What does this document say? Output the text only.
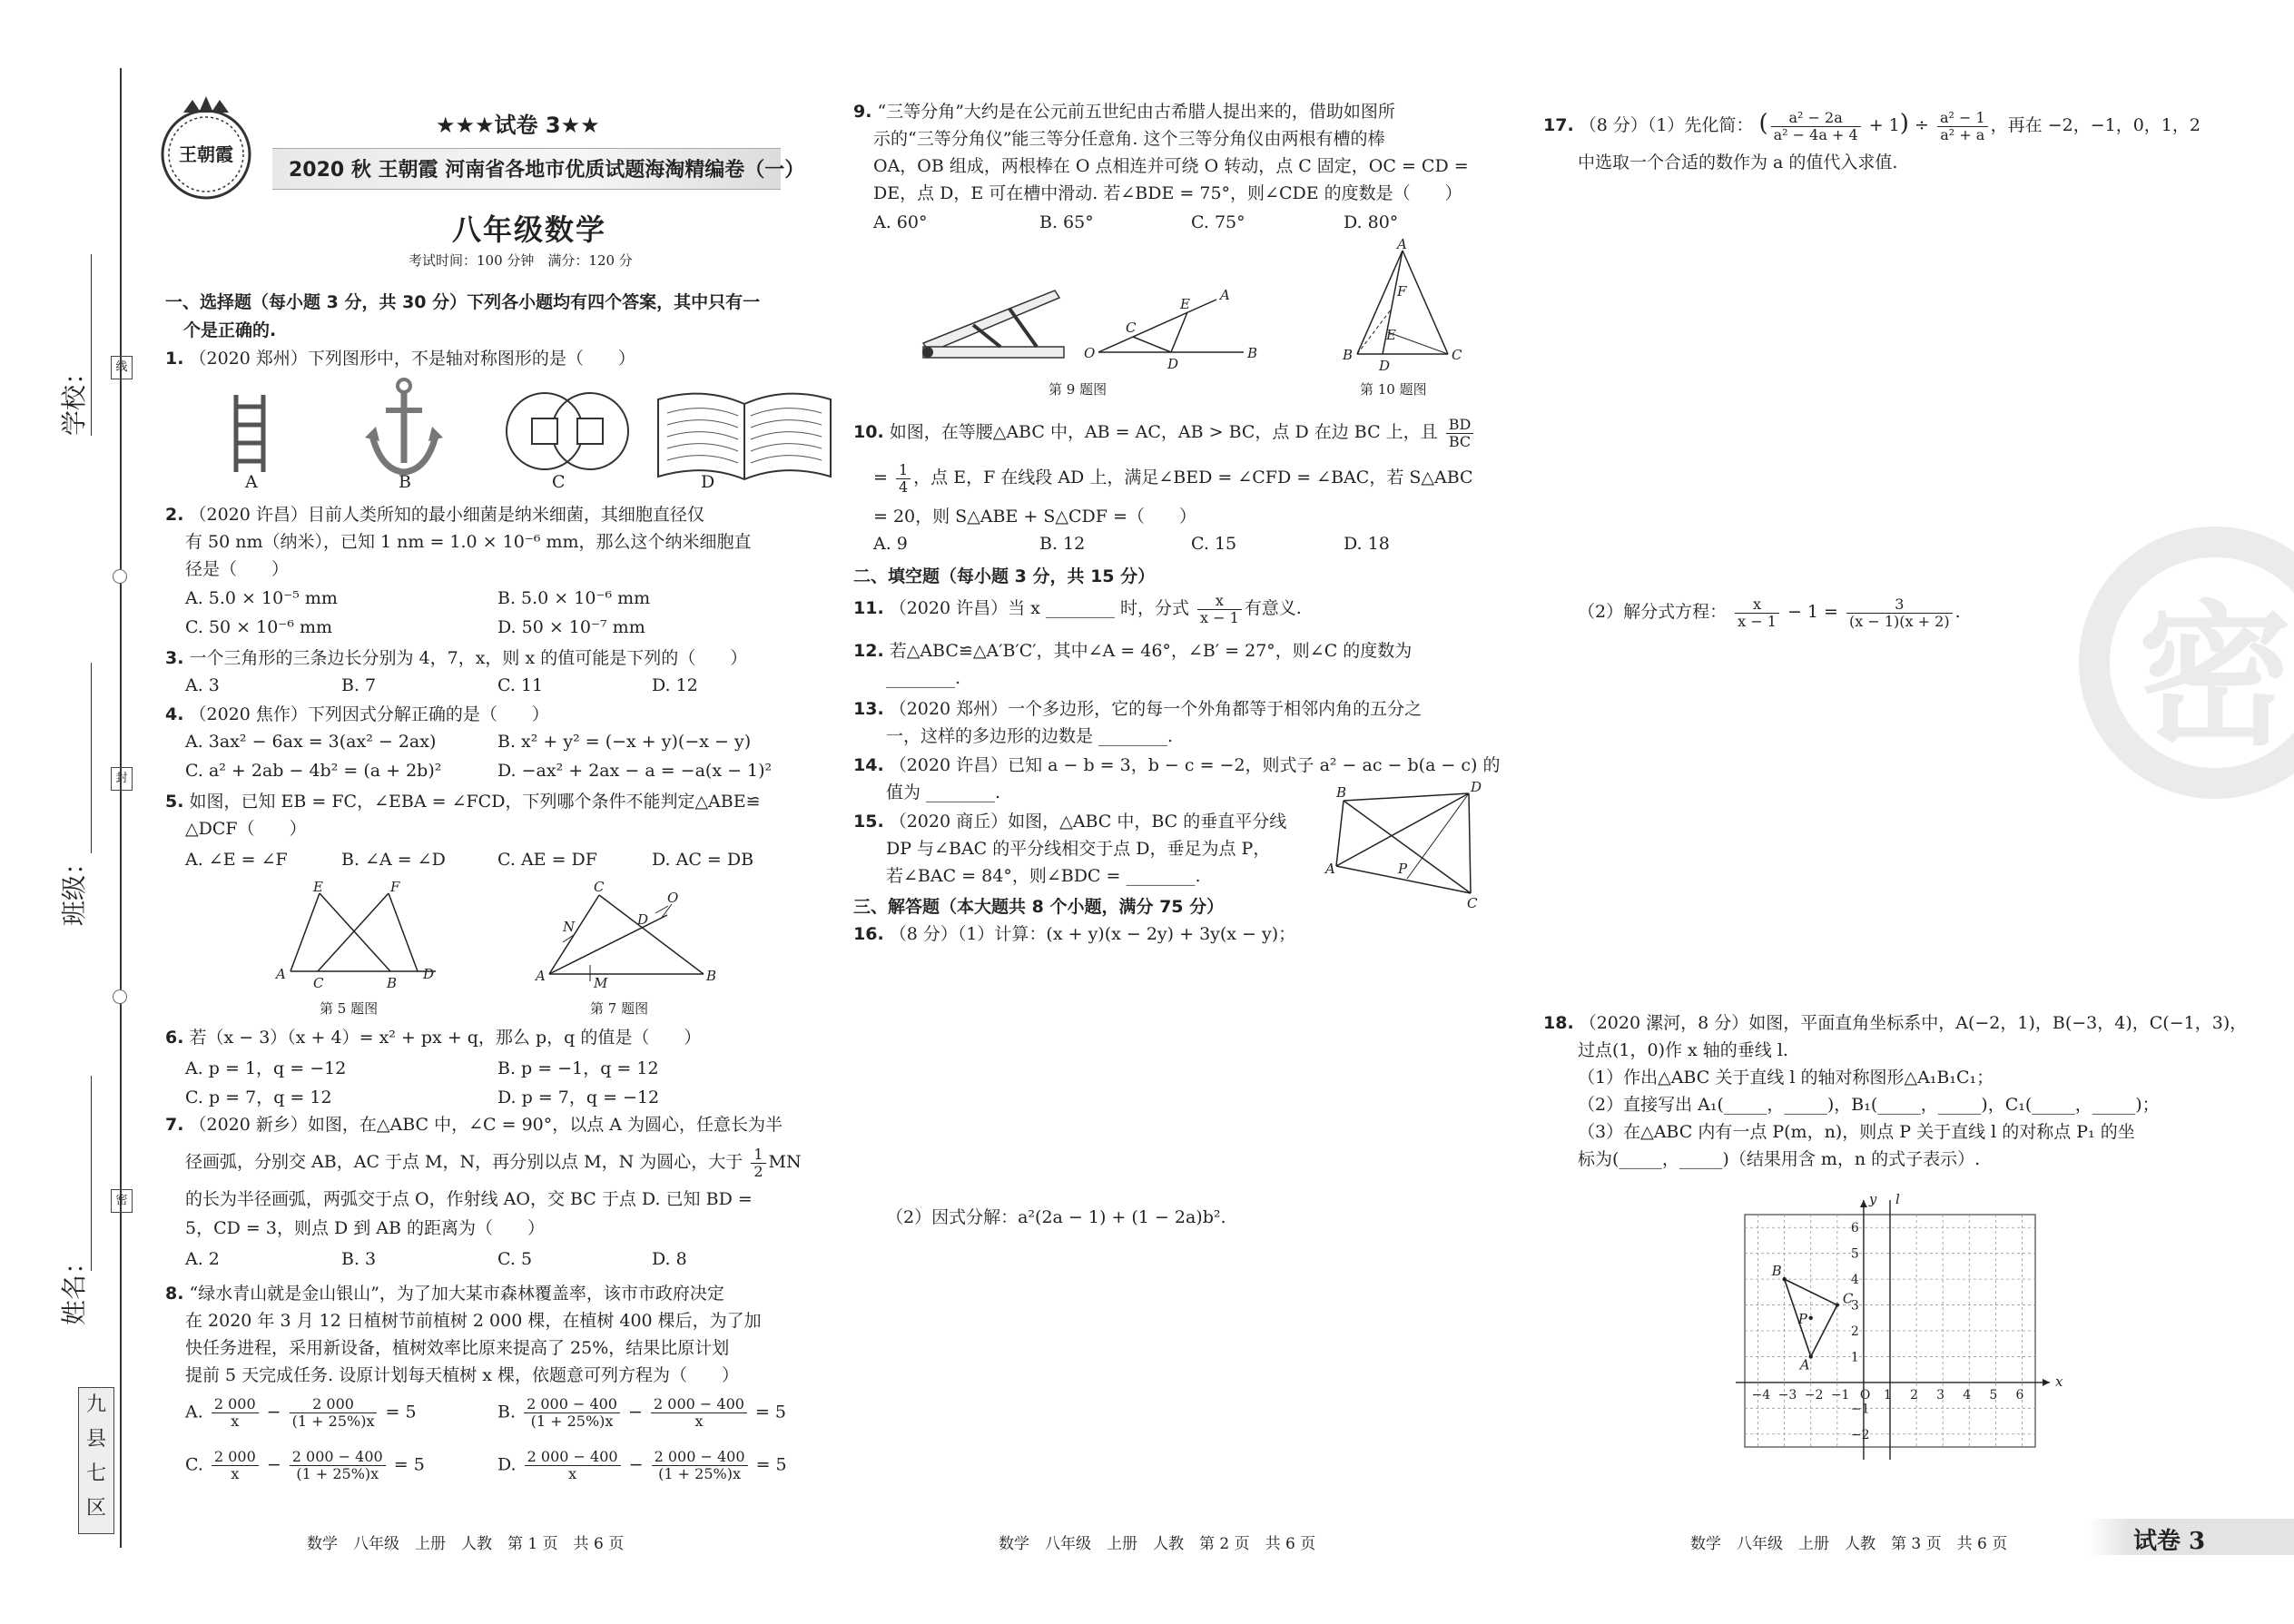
线
封
密
学校：
班级：
姓名：
九
县
七
区
王朝霞
★★★试卷 3★★
2020 秋 王朝霞 河南省各地市优质试题海淘精编卷（一）
八年级数学
考试时间：100 分钟　满分：120 分
一、选择题（每小题 3 分，共 30 分）下列各小题均有四个答案，其中只有一
个是正确的.
1. （2020 郑州）下列图形中，不是轴对称图形的是（　　）
A	B	C	D
2. （2020 许昌）目前人类所知的最小细菌是纳米细菌，其细胞直径仅
有 50 nm（纳米），已知 1 nm = 1.0 × 10⁻⁶ mm，那么这个纳米细胞直
径是（　　）
A. 5.0 × 10⁻⁵ mm	B. 5.0 × 10⁻⁶ mm
C. 50 × 10⁻⁶ mm	D. 50 × 10⁻⁷ mm
3. 一个三角形的三条边长分别为 4，7，x，则 x 的值可能是下列的（　　）
A. 3	B. 7	C. 11	D. 12
4. （2020 焦作）下列因式分解正确的是（　　）
A. 3ax² − 6ax = 3(ax² − 2ax)	B. x² + y² = (−x + y)(−x − y)
C. a² + 2ab − 4b² = (a + 2b)²	D. −ax² + 2ax − a = −a(x − 1)²
5. 如图，已知 EB = FC，∠EBA = ∠FCD，下列哪个条件不能判定△ABE≌
△DCF（　　）
A. ∠E = ∠F	B. ∠A = ∠D	C. AE = DF	D. AC = DB
E	F
A
C	B
D
第 5 题图
C
N	D
O
A	M	B
第 7 题图
6. 若（x − 3）（x + 4）= x² + px + q，那么 p，q 的值是（　　）
A. p = 1，q = −12	B. p = −1，q = 12
C. p = 7，q = 12	D. p = 7，q = −12
7. （2020 新乡）如图，在△ABC 中，∠C = 90°，以点 A 为圆心，任意长为半
径画弧，分别交 AB，AC 于点 M，N，再分别以点 M，N 为圆心，大于 $\frac{1}{2}$ MN
的长为半径画弧，两弧交于点 O，作射线 AO，交 BC 于点 D. 已知 BD =
5，CD = 3，则点 D 到 AB 的距离为（　　）
A. 2	B. 3	C. 5	D. 8
8. “绿水青山就是金山银山”，为了加大某市森林覆盖率，该市市政府决定
在 2020 年 3 月 12 日植树节前植树 2 000 棵，在植树 400 棵后，为了加
快任务进程，采用新设备，植树效率比原来提高了 25%，结果比原计划
提前 5 天完成任务. 设原计划每天植树 x 棵，依题意可列方程为（　　）
A. $\frac{2 000}{x} - \frac{2 000}{(1 + 25\%)x} = 5$	B. $\frac{2 000 - 400}{(1 + 25\%)x} - \frac{2 000 - 400}{x} = 5$
C. $\frac{2 000}{x} - \frac{2 000 - 400}{(1 + 25\%)x} = 5$	D. $\frac{2 000 - 400}{x} - \frac{2 000 - 400}{(1 + 25\%)x} = 5$
数学　八年级　上册　人教　第 1 页　共 6 页
9. “三等分角”大约是在公元前五世纪由古希腊人提出来的，借助如图所
示的“三等分角仪”能三等分任意角. 这个三等分角仪由两根有槽的棒
OA，OB 组成，两根棒在 O 点相连并可绕 O 转动，点 C 固定，OC = CD =
DE，点 D，E 可在槽中滑动. 若∠BDE = 75°，则∠CDE 的度数是（　　）
A. 60°	B. 65°	C. 75°	D. 80°
O
C
D
E
A
B
第 9 题图
A
F
E
B
D
C
第 10 题图
10. 如图，在等腰△ABC 中，AB = AC，AB > BC，点 D 在边 BC 上，且 $\frac{BD}{BC}$
= $\frac{1}{4}$ ，点 E，F 在线段 AD 上，满足∠BED = ∠CFD = ∠BAC，若 S△ABC
= 20，则 S△ABE + S△CDF =（　　）
A. 9	B. 12	C. 15	D. 18
二、填空题（每小题 3 分，共 15 分）
11. （2020 许昌）当 x ________ 时，分式 $\frac{x}{x - 1}$ 有意义.
12. 若△ABC≌△A′B′C′，其中∠A = 46°，∠B′ = 27°，则∠C 的度数为
________.
13. （2020 郑州）一个多边形，它的每一个外角都等于相邻内角的五分之
一，这样的多边形的边数是 ________.
14. （2020 许昌）已知 a − b = 3，b − c = −2，则式子 a² − ac − b(a − c) 的
值为 ________.
15. （2020 商丘）如图，△ABC 中，BC 的垂直平分线
DP 与∠BAC 的平分线相交于点 D，垂足为点 P，
若∠BAC = 84°，则∠BDC = ________.
B	D
A	P
C
三、解答题（本大题共 8 个小题，满分 75 分）
16. （8 分）（1）计算：(x + y)(x − 2y) + 3y(x − y)；
（2）因式分解：a²(2a − 1) + (1 − 2a)b².
数学　八年级　上册　人教　第 2 页　共 6 页
17. （8 分）（1）先化简： ( $\frac{\text{a² − 2a}}{\text{a² − 4a + 4}} + 1) \div \frac{\text{a² − 1}}{\text{a² + a}}$ ，再在 −2，−1，0，1，2
中选取一个合适的数作为 a 的值代入求值.
（2）解分式方程： $\frac{x}{x - 1} - 1 = \frac{3}{(x - 1)(x + 2)}$ . 密
18. （2020 漯河，8 分）如图，平面直角坐标系中，A(−2，1)，B(−3，4)，C(−1，3)，
过点(1，0)作 x 轴的垂线 l.
（1）作出△ABC 关于直线 l 的轴对称图形△A₁B₁C₁；
（2）直接写出 A₁(_____，_____)，B₁(_____，_____)，C₁(_____，_____)；
（3）在△ABC 内有一点 P(m，n)，则点 P 关于直线 l 的对称点 P₁ 的坐
标为(_____，_____)（结果用含 m，n 的式子表示）.
x
y l
−4 −3 −2 −1 O 1 2 3 4 5 6
6
5
4
3
2
1
−1
−2
A
B
C
P
数学　八年级　上册　人教　第 3 页　共 6 页	试卷 3
